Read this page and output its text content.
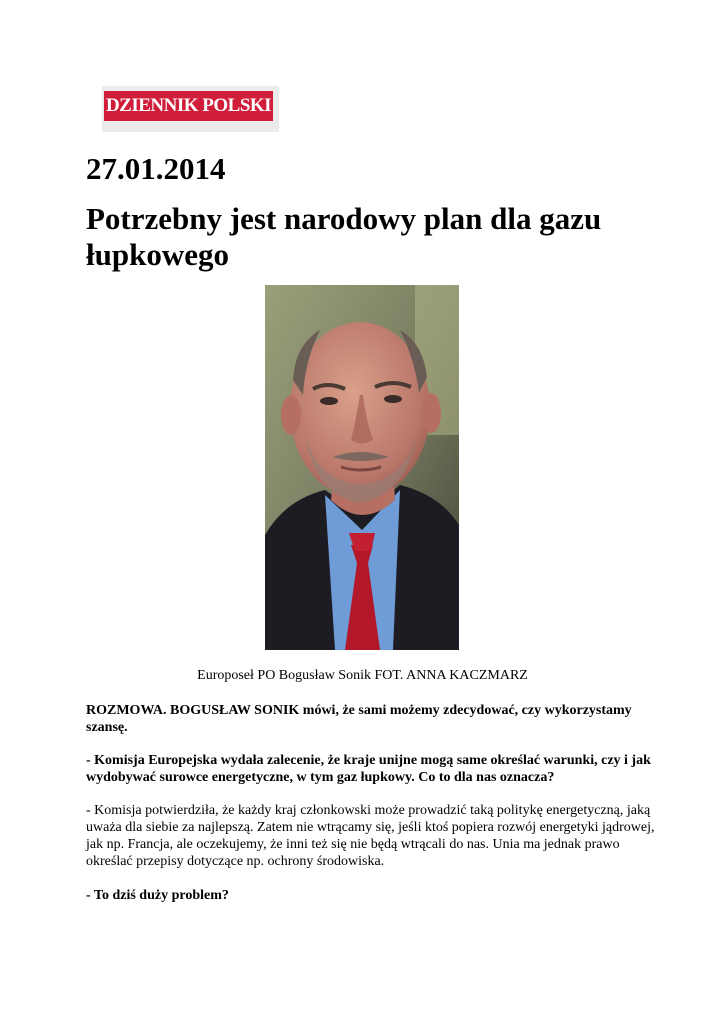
DZIENNIK POLSKI
27.01.2014
Potrzebny jest narodowy plan dla gazu łupkowego
Europoseł PO Bogusław Sonik FOT. ANNA KACZMARZ

ROZMOWA. BOGUSŁAW SONIK mówi, że sami możemy zdecydować, czy wykorzystamy szansę.

- Komisja Europejska wydała zalecenie, że kraje unijne mogą same określać warunki, czy i jak wydobywać surowce energetyczne, w tym gaz łupkowy. Co to dla nas oznacza?

- Komisja potwierdziła, że każdy kraj członkowski może prowadzić taką politykę energetyczną, jaką uważa dla siebie za najlepszą. Zatem nie wtrącamy się, jeśli ktoś popiera rozwój energetyki jądrowej, jak np. Francja, ale oczekujemy, że inni też się nie będą wtrącali do nas. Unia ma jednak prawo określać przepisy dotyczące np. ochrony środowiska.

- To dziś duży problem?
